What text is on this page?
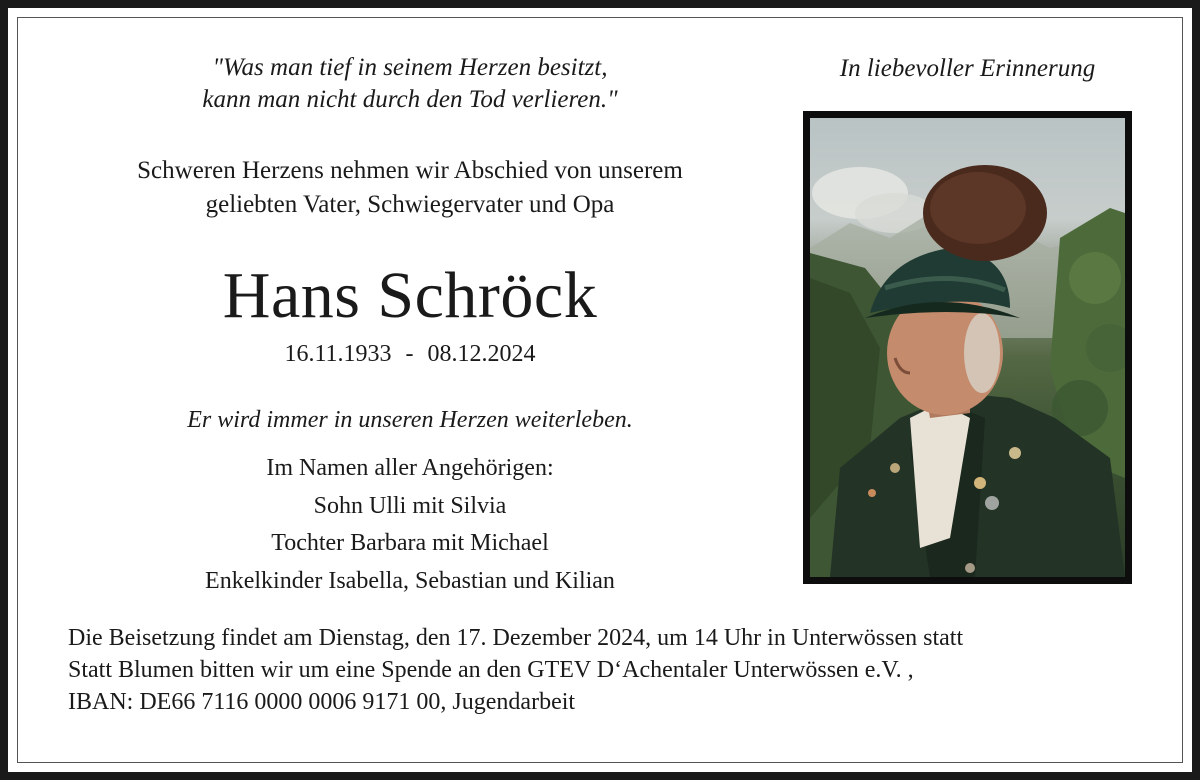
"Was man tief in seinem Herzen besitzt,
kann man nicht durch den Tod verlieren."
Schweren Herzens nehmen wir Abschied von unserem
geliebten Vater, Schwiegervater und Opa
Hans Schröck
16.11.1933 - 08.12.2024
Er wird immer in unseren Herzen weiterleben.
Im Namen aller Angehörigen:
Sohn Ulli mit Silvia
Tochter Barbara mit Michael
Enkelkinder Isabella, Sebastian und Kilian
In liebevoller Erinnerung
Die Beisetzung findet am Dienstag, den 17. Dezember 2024, um 14 Uhr in Unterwössen statt
Statt Blumen bitten wir um eine Spende an den GTEV D‘Achentaler Unterwössen e.V. ,
IBAN: DE66 7116 0000 0006 9171 00, Jugendarbeit
